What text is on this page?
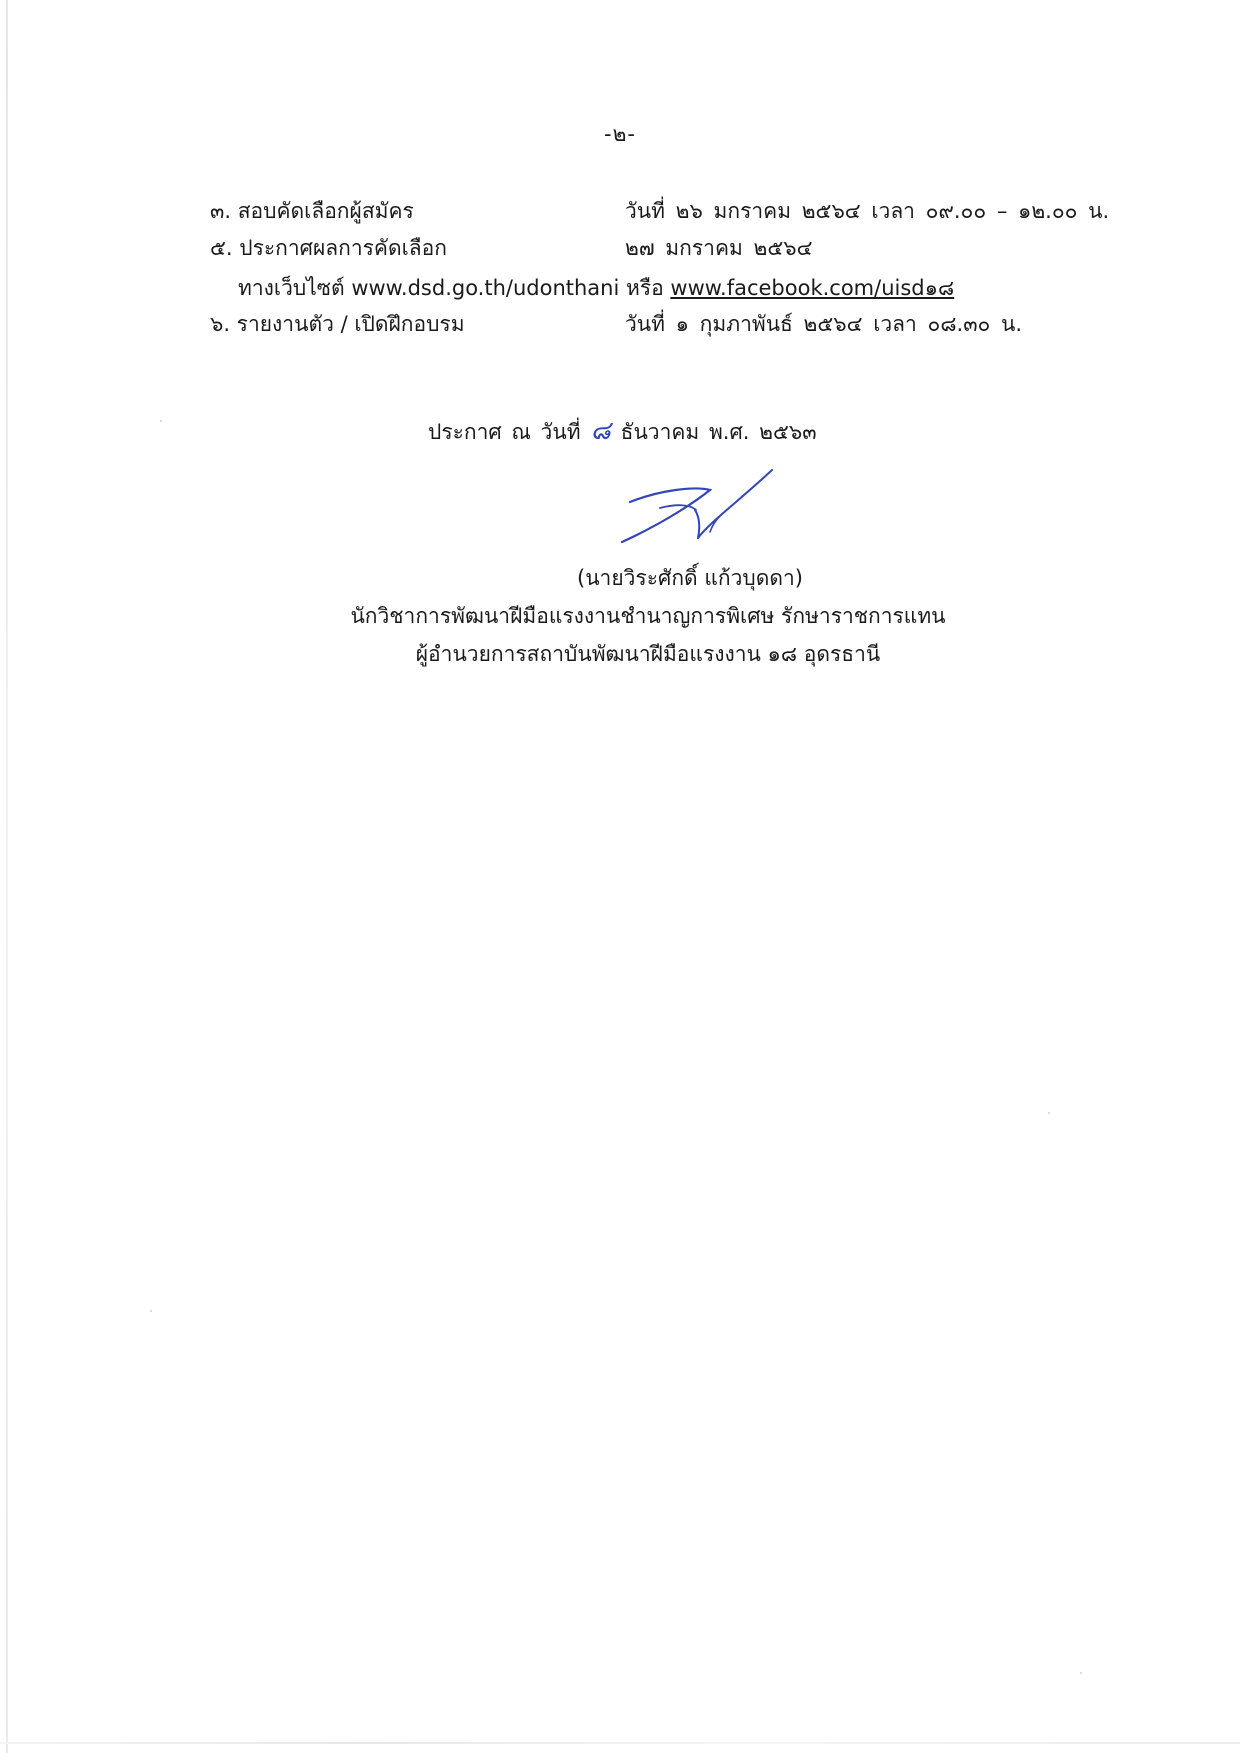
-๒-
๓. สอบคัดเลือกผู้สมัคร	วันที่ ๒๖ มกราคม ๒๕๖๔ เวลา ๐๙.๐๐ – ๑๒.๐๐ น.
๕. ประกาศผลการคัดเลือก	๒๗ มกราคม ๒๕๖๔
ทางเว็บไซต์ www.dsd.go.th/udonthani หรือ www.facebook.com/uisd๑๘
๖. รายงานตัว / เปิดฝึกอบรม	วันที่ ๑ กุมภาพันธ์ ๒๕๖๔ เวลา ๐๘.๓๐ น.
ประกาศ ณ วันที่ ๘ ธันวาคม พ.ศ. ๒๕๖๓
(นายวิระศักดิ์ แก้วบุดดา)
นักวิชาการพัฒนาฝีมือแรงงานชำนาญการพิเศษ รักษาราชการแทน
ผู้อำนวยการสถาบันพัฒนาฝีมือแรงงาน ๑๘ อุดรธานี
